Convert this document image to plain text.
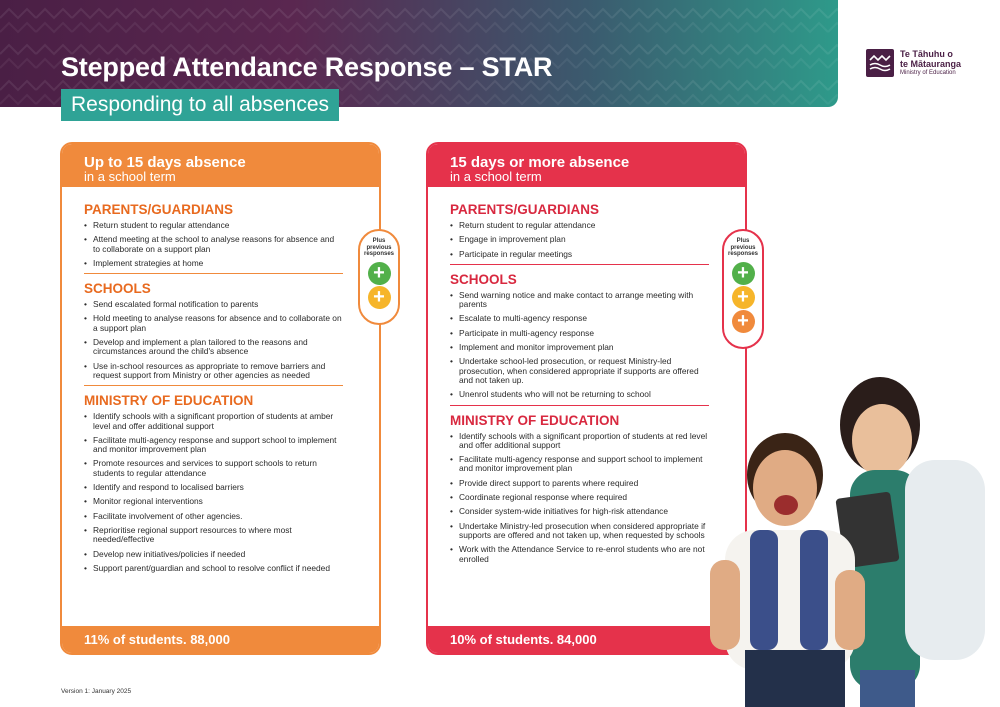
Stepped Attendance Response – STAR
Responding to all absences
Te Tāhuhu o
te Mātauranga
Ministry of Education
Up to 15 days absence
in a school term
PARENTS/GUARDIANS
• Return student to regular attendance
• Attend meeting at the school to analyse reasons for absence and to collaborate on a support plan
• Implement strategies at home
SCHOOLS
• Send escalated formal notification to parents
• Hold meeting to analyse reasons for absence and to collaborate on a support plan
• Develop and implement a plan tailored to the reasons and circumstances around the child's absence
• Use in-school resources as appropriate to remove barriers and request support from Ministry or other agencies as needed
MINISTRY OF EDUCATION
• Identify schools with a significant proportion of students at amber level and offer additional support
• Facilitate multi-agency response and support school to implement and monitor improvement plan
• Promote resources and services to support schools to return students to regular attendance
• Identify and respond to localised barriers
• Monitor regional interventions
• Facilitate involvement of other agencies.
• Reprioritise regional support resources to where most needed/effective
• Develop new initiatives/policies if needed
• Support parent/guardian and school to resolve conflict if needed
11% of students. 88,000
Plus previous responses
+
+
15 days or more absence
in a school term
PARENTS/GUARDIANS
• Return student to regular attendance
• Engage in improvement plan
• Participate in regular meetings
SCHOOLS
• Send warning notice and make contact to arrange meeting with parents
• Escalate to multi-agency response
• Participate in multi-agency response
• Implement and monitor improvement plan
• Undertake school-led prosecution, or request Ministry-led prosecution, when considered appropriate if supports are offered and not taken up.
• Unenrol students who will not be returning to school
MINISTRY OF EDUCATION
• Identify schools with a significant proportion of students at red level and offer additional support
• Facilitate multi-agency response and support school to implement and monitor improvement plan
• Provide direct support to parents where required
• Coordinate regional response where required
• Consider system-wide initiatives for high-risk attendance
• Undertake Ministry-led prosecution when considered appropriate if supports are offered and not taken up, when requested by schools
• Work with the Attendance Service to re-enrol students who are not enrolled
10% of students. 84,000
Plus previous responses
+
+
+
Version 1: January 2025
